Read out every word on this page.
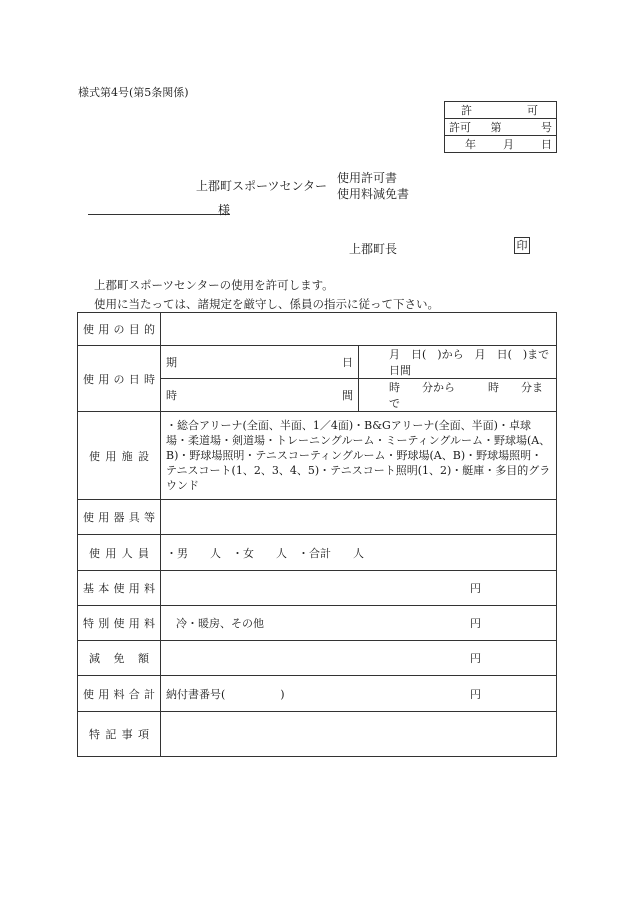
様式第4号(第5条関係)
許	可

許可 第	号

年 月 日
上郡町スポーツセンター
使用許可書
使用料減免書
様
上郡町長	印
上郡町スポーツセンターの使用を許可します。
使用に当たっては、諸規定を厳守し、係員の指示に従って下さい。
使 用 の 目 的		

使 用 の 日 時	期 日	月　日(　)から　月　日(　)まで　　日間

	時 間	時　　分から　　　時　　分まで

使 用 施 設	・総合アリーナ(全面、半面、1／4面)・B&Gアリーナ(全面、半面)・卓球場・柔道場・剣道場・トレーニングルーム・ミーティングルーム・野球場(A、B)・野球場照明・テニスコーティングルーム・野球場(A、B)・野球場照明・テニスコート(1、2、3、4、5)・テニスコート照明(1、2)・艇庫・多目的グラウンド	

使 用 器 具 等		

使 用 人 員	・男　　人　・女　　人　・合計　　人	

基 本 使 用 料	円	

特 別 使 用 料	冷・暖房、その他 円	

減 免 額	円	

使 用 料 合 計	納付書番号(　　　　　) 円	

特 記 事 項		
